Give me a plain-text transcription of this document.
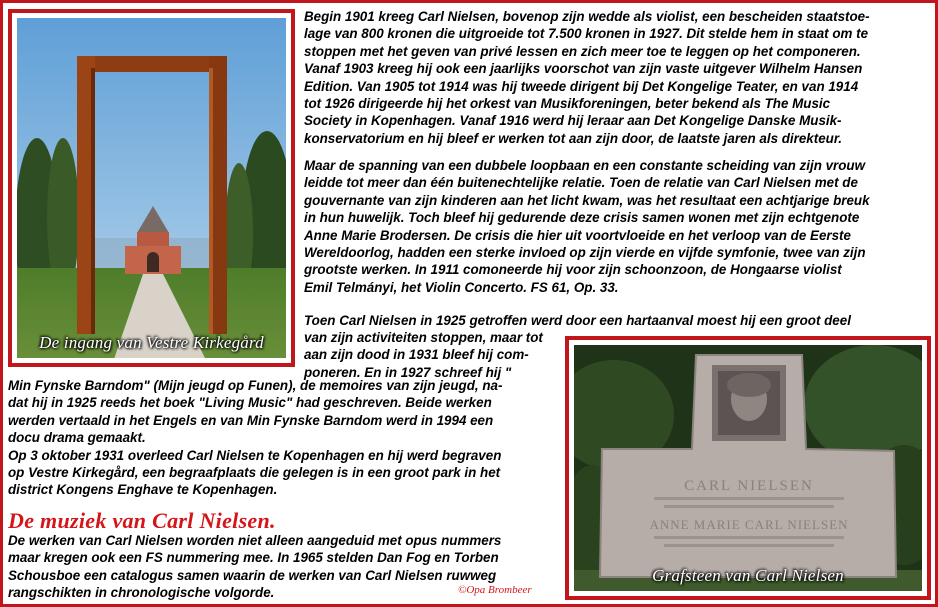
De ingang van Vestre Kirkegård
CARL NIELSEN
ANNE MARIE CARL NIELSEN
Grafsteen van Carl Nielsen
Begin 1901 kreeg Carl Nielsen, bovenop zijn wedde als violist, een bescheiden staatstoe-
lage van 800 kronen die uitgroeide tot 7.500 kronen in 1927. Dit stelde hem in staat om te
stoppen met het geven van privé lessen en zich meer toe te leggen op het componeren.
Vanaf 1903 kreeg hij ook een jaarlijks voorschot van zijn vaste uitgever Wilhelm Hansen
Edition. Van 1905 tot 1914 was hij tweede dirigent bij Det Kongelige Teater, en van 1914
tot 1926 dirigeerde hij het orkest van Musikforeningen, beter bekend als The Music
Society in Kopenhagen. Vanaf 1916 werd hij leraar aan Det Kongelige Danske Musik-
konservatorium en hij bleef er werken tot aan zijn door, de laatste jaren als direkteur.
Maar de spanning van een dubbele loopbaan en een constante scheiding van zijn vrouw
leidde tot meer dan één buitenechtelijke relatie. Toen de relatie van Carl Nielsen met de
gouvernante van zijn kinderen aan het licht kwam, was het resultaat een achtjarige breuk
in hun huwelijk. Toch bleef hij gedurende deze crisis samen wonen met zijn echtgenote
Anne Marie Brodersen. De crisis die hier uit voortvloeide en het verloop van de Eerste
Wereldoorlog, hadden een sterke invloed op zijn vierde en vijfde symfonie, twee van zijn
grootste werken. In 1911 comoneerde hij voor zijn schoonzoon, de Hongaarse violist
Emil Telmányi, het Violin Concerto. FS 61, Op. 33.
Toen Carl Nielsen in 1925 getroffen werd door een hartaanval moest hij een groot deel
van zijn activiteiten stoppen, maar tot
aan zijn dood in 1931 bleef hij com-
poneren. En in 1927 schreef hij "
Min Fynske Barndom" (Mijn jeugd op Funen), de memoires van zijn jeugd, na-
dat hij in 1925 reeds het boek "Living Music" had geschreven. Beide werken
werden vertaald in het Engels en van Min Fynske Barndom werd in 1994 een
docu drama gemaakt.
Op 3 oktober 1931 overleed Carl Nielsen te Kopenhagen en hij werd begraven
op Vestre Kirkegård, een begraafplaats die gelegen is in een groot park in het
district Kongens Enghave te Kopenhagen.
De muziek van Carl Nielsen.
De werken van Carl Nielsen worden niet alleen aangeduid met opus nummers
maar kregen ook een FS nummering mee. In 1965 stelden Dan Fog en Torben
Schousboe een catalogus samen waarin de werken van Carl Nielsen ruwweg
rangschikten in chronologische volgorde.	©Opa Brombeer
